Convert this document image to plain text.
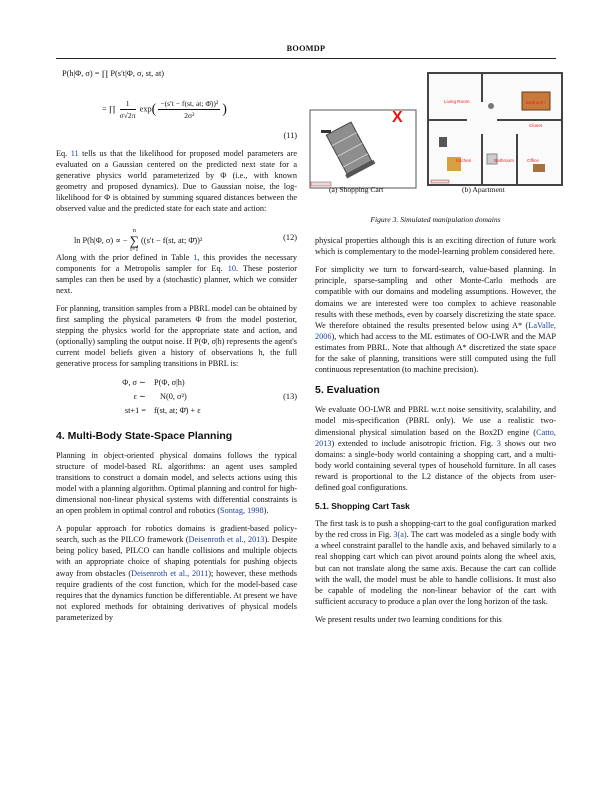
BOOMDP
P(h|Φ, σ) = ∏ P(s′t|Φ, σ, st, at)
= ∏ $\frac{1}{\sigma√2\pi} \exp( \frac{\text{−(s′t − f(st, at; Φ̄))²}}{\text{2σ²}}$ )
(11)

Eq. 11 tells us that the likelihood for proposed model parameters are evaluated on a Gaussian centered on the predicted next state for a generative physics world parameterized by Φ (i.e., with known geometry and proposed dynamics). Due to Gaussian noise, the log-likelihood for Φ is obtained by summing squared distances between the observed value and the predicted state for each state and action:

ln P(h|Φ, σ) ∝ − n
∑
t=1 ((s′t − f(st, at; Φ̄))²	(12)

Along with the prior defined in Table 1, this provides the necessary components for a Metropolis sampler for Eq. 10. These posterior samples can then be used by a (stochastic) planner, which we consider next.

For planning, transition samples from a PBRL model can be obtained by first sampling the physical parameters Φ from the model posterior, stepping the physics world for the appropriate state and action, and (optionally) sampling the output noise. If P(Φ, σ|h) represents the agent's current model beliefs given a history of observations h, the full generative process for sampling transitions in PBRL is:

Φ, σ ∼ P(Φ, σ|h)
ε ∼ N(0, σ²)
st+1 = f(st, at; Φ̄) + ε
(13)
4. Multi-Body State-Space Planning

Planning in object-oriented physical domains follows the typical structure of model-based RL algorithms: an agent uses sampled transitions to construct a domain model, and selects actions using this model with a planning algorithm. Optimal planning and control for high-dimensional non-linear physical systems with differential constraints is an open problem in optimal control and robotics (Sontag, 1998).

A popular approach for robotics domains is gradient-based policy-search, such as the PILCO framework (Deisenroth et al., 2013). Despite being policy based, PILCO can handle collisions and multiple objects with an appropriate choice of shaping potentials for pushing objects away from obstacles (Deisenroth et al., 2011); however, these methods require gradients of the cost function, which for the model-based case requires that the dynamics function be differentiable. At present we have not explored methods for obtaining derivatives of physical models parameterized by

X
Living Room	Bedroom
Closet
Kitchen	Bathroom	Office
(a) Shopping Cart	(b) Apartment
Figure 3. Simulated manipulation domains

physical properties although this is an exciting direction of future work which is complementary to the model-learning problem considered here.

For simplicity we turn to forward-search, value-based planning. In principle, sparse-sampling and other Monte-Carlo methods are compatible with our domains and modeling assumptions. However, the domains we are interested were too complex to achieve reasonable results with these methods, even by coarsely discretizing the state space. We therefore obtained the results presented below using A* (LaValle, 2006), which had access to the ML estimates of OO-LWR and the MAP estimates from PBRL. Note that although A* discretized the state space for the sake of planning, transitions were still computed using the full continuous representation (to machine precision).

5. Evaluation

We evaluate OO-LWR and PBRL w.r.t noise sensitivity, scalability, and model mis-specification (PBRL only). We use a realistic two-dimensional physical simulation based on the Box2D engine (Catto, 2013) extended to include anisotropic friction. Fig. 3 shows our two domains: a single-body world containing a shopping cart, and a multi-body world containing several types of household furniture. In all cases reward is proportional to the L2 distance of the objects from user-defined goal configurations.

5.1. Shopping Cart Task

The first task is to push a shopping-cart to the goal configuration marked by the red cross in Fig. 3(a). The cart was modeled as a single body with a wheel constraint parallel to the handle axis, and behaved similarly to a real shopping cart which can pivot around points along the wheel axis, but can not translate along the same axis. Because the cart can collide with the wall, the model must be able to handle collisions. It must also be capable of modeling the non-linear behavior of the cart with sufficient accuracy to produce a plan over the long horizon of the task.

We present results under two learning conditions for this
